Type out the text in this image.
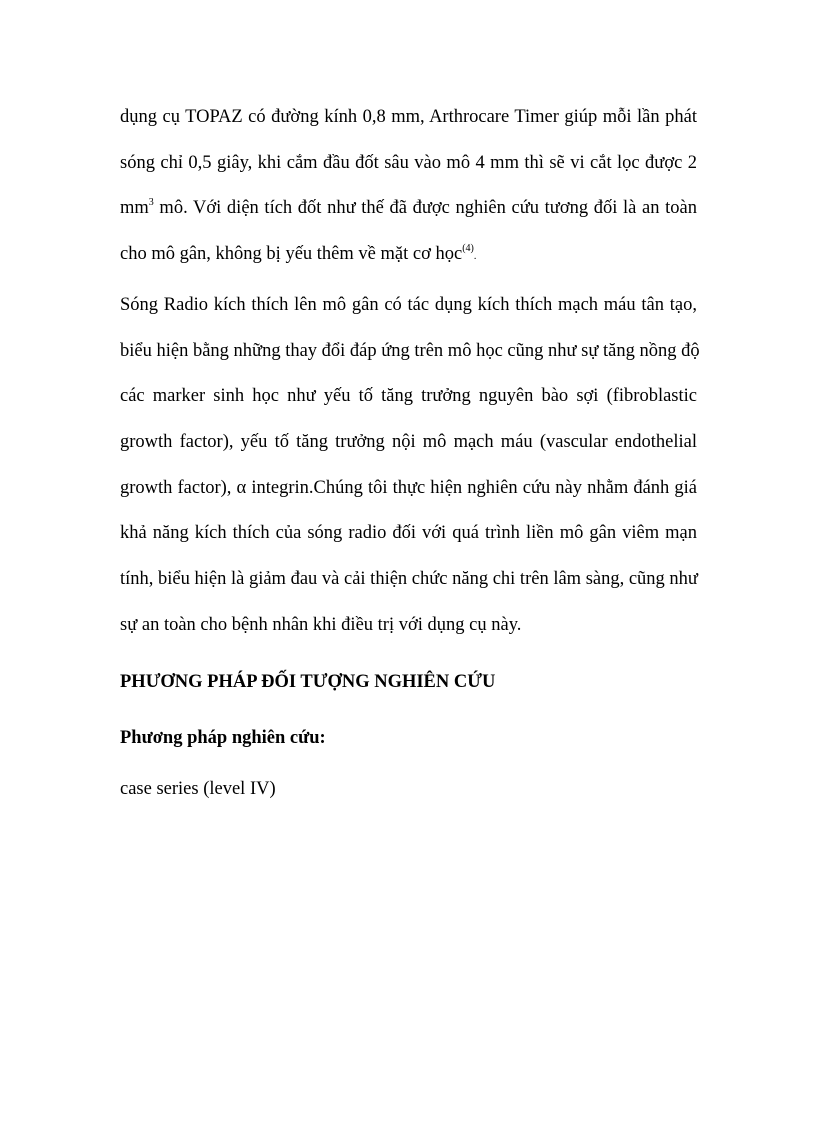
dụng cụ TOPAZ có đường kính 0,8 mm, Arthrocare Timer giúp mỗi lần phát
sóng chỉ 0,5 giây, khi cắm đầu đốt sâu vào mô 4 mm thì sẽ vi cắt lọc được 2
$mm^3$ mô. Với diện tích đốt như thế đã được nghiên cứu tương đối là an toàn
cho mô gân, không bị yếu thêm về mặt cơ học$^{(4)}$.

Sóng Radio kích thích lên mô gân có tác dụng kích thích mạch máu tân tạo,
biểu hiện bằng những thay đổi đáp ứng trên mô học cũng như sự tăng nồng độ
các marker sinh học như yếu tố tăng trưởng nguyên bào sợi (fibroblastic
growth factor), yếu tố tăng trưởng nội mô mạch máu (vascular endothelial
growth factor), α integrin.Chúng tôi thực hiện nghiên cứu này nhằm đánh giá
khả năng kích thích của sóng radio đối với quá trình liền mô gân viêm mạn
tính, biểu hiện là giảm đau và cải thiện chức năng chi trên lâm sàng, cũng như
sự an toàn cho bệnh nhân khi điều trị với dụng cụ này.

PHƯƠNG PHÁP ĐỐI TƯỢNG NGHIÊN CỨU
Phương pháp nghiên cứu:

case series (level IV)
